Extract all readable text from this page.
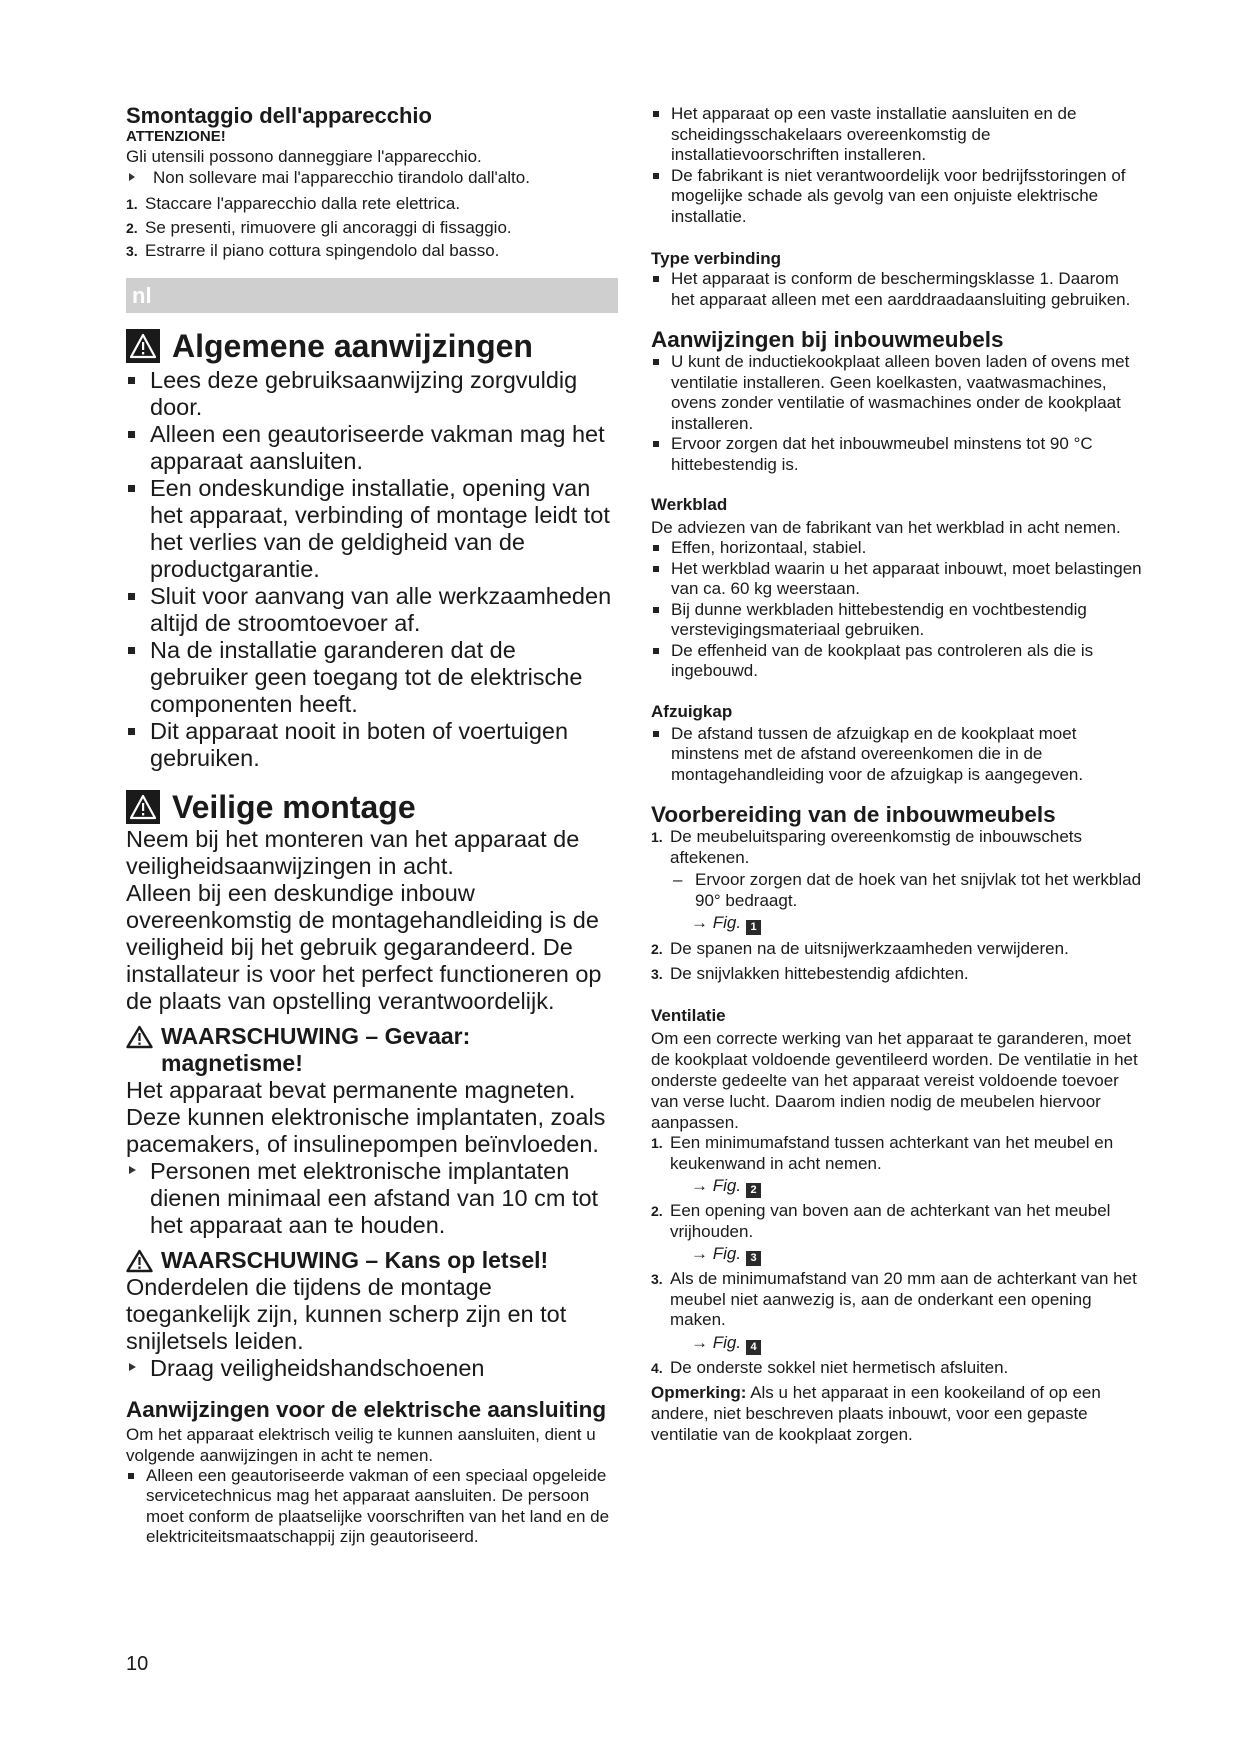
Smontaggio dell'apparecchio

ATTENZIONE!

Gli utensili possono danneggiare l'apparecchio.

Non sollevare mai l'apparecchio tirandolo dall'alto.
1. Staccare l'apparecchio dalla rete elettrica.
2. Se presenti, rimuovere gli ancoraggi di fissaggio.
3. Estrarre il piano cottura spingendolo dal basso.
nl
Algemene aanwijzingen
Lees deze gebruiksaanwijzing zorgvuldig door.
Alleen een geautoriseerde vakman mag het apparaat aansluiten.
Een ondeskundige installatie, opening van het apparaat, verbinding of montage leidt tot het verlies van de geldigheid van de productgarantie.
Sluit voor aanvang van alle werkzaamheden altijd de stroomtoevoer af.
Na de installatie garanderen dat de gebruiker geen toegang tot de elektrische componenten heeft.
Dit apparaat nooit in boten of voertuigen gebruiken.
Veilige montage

Neem bij het monteren van het apparaat de veiligheidsaanwijzingen in acht.

Alleen bij een deskundige inbouw overeenkomstig de montagehandleiding is de veiligheid bij het gebruik gegarandeerd. De installateur is voor het perfect functioneren op de plaats van opstelling verantwoordelijk.

WAARSCHUWING – Gevaar: magnetisme!

Het apparaat bevat permanente magneten. Deze kunnen elektronische implantaten, zoals pacemakers, of insulinepompen beïnvloeden.

Personen met elektronische implantaten dienen minimaal een afstand van 10 cm tot het apparaat aan te houden.
WAARSCHUWING – Kans op letsel!

Onderdelen die tijdens de montage toegankelijk zijn, kunnen scherp zijn en tot snijletsels leiden.

Draag veiligheidshandschoenen
Aanwijzingen voor de elektrische aansluiting

Om het apparaat elektrisch veilig te kunnen aansluiten, dient u volgende aanwijzingen in acht te nemen.

Alleen een geautoriseerde vakman of een speciaal opgeleide servicetechnicus mag het apparaat aansluiten. De persoon moet conform de plaatselijke voorschriften van het land en de elektriciteitsmaatschappij zijn geautoriseerd.
10
Het apparaat op een vaste installatie aansluiten en de scheidingsschakelaars overeenkomstig de installatievoorschriften installeren.
De fabrikant is niet verantwoordelijk voor bedrijfsstoringen of mogelijke schade als gevolg van een onjuiste elektrische installatie.
Type verbinding
Het apparaat is conform de beschermingsklasse 1. Daarom het apparaat alleen met een aarddraadaansluiting gebruiken.
Aanwijzingen bij inbouwmeubels
U kunt de inductiekookplaat alleen boven laden of ovens met ventilatie installeren. Geen koelkasten, vaatwasmachines, ovens zonder ventilatie of wasmachines onder de kookplaat installeren.
Ervoor zorgen dat het inbouwmeubel minstens tot 90 °C hittebestendig is.
Werkblad

De adviezen van de fabrikant van het werkblad in acht nemen.

Effen, horizontaal, stabiel.
Het werkblad waarin u het apparaat inbouwt, moet belastingen van ca. 60 kg weerstaan.
Bij dunne werkbladen hittebestendig en vochtbestendig verstevigingsmateriaal gebruiken.
De effenheid van de kookplaat pas controleren als die is ingebouwd.
Afzuigkap
De afstand tussen de afzuigkap en de kookplaat moet minstens met de afstand overeenkomen die in de montagehandleiding voor de afzuigkap is aangegeven.
Voorbereiding van de inbouwmeubels
1. De meubeluitsparing overeenkomstig de inbouwschets aftekenen.
– Ervoor zorgen dat de hoek van het snijvlak tot het werkblad 90° bedraagt.
→ Fig. 1
2. De spanen na de uitsnijwerkzaamheden verwijderen.
3. De snijvlakken hittebestendig afdichten.
Ventilatie

Om een correcte werking van het apparaat te garanderen, moet de kookplaat voldoende geventileerd worden. De ventilatie in het onderste gedeelte van het apparaat vereist voldoende toevoer van verse lucht. Daarom indien nodig de meubelen hiervoor aanpassen.

1. Een minimumafstand tussen achterkant van het meubel en keukenwand in acht nemen.
→ Fig. 2
2. Een opening van boven aan de achterkant van het meubel vrijhouden.
→ Fig. 3
3. Als de minimumafstand van 20 mm aan de achterkant van het meubel niet aanwezig is, aan de onderkant een opening maken.
→ Fig. 4
4. De onderste sokkel niet hermetisch afsluiten.

Opmerking: Als u het apparaat in een kookeiland of op een andere, niet beschreven plaats inbouwt, voor een gepaste ventilatie van de kookplaat zorgen.
